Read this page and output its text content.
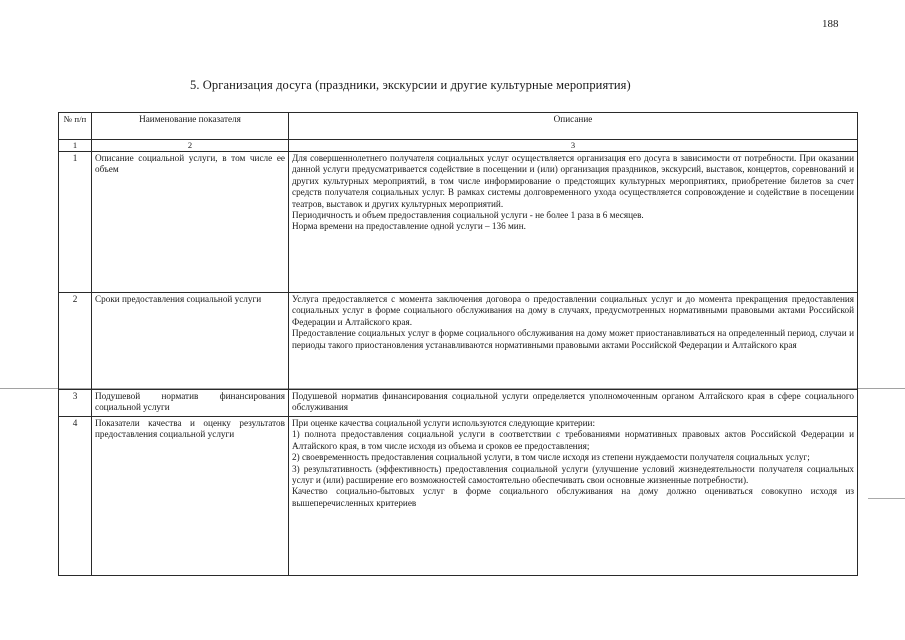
188
5. Организация досуга (праздники, экскурсии и другие культурные мероприятия)
№ п/п	Наименование показателя	Описание
1	2	3
1	Описание социальной услуги, в том числе ее объем	Для совершеннолетнего получателя социальных услуг осуществляется организация его досуга в зависимости от потребности. При оказании данной услуги предусматривается содействие в посещении и (или) организация праздников, экскурсий, выставок, концертов, соревнований и других культурных мероприятий, в том числе информирование о предстоящих культурных мероприятиях, приобретение билетов за счет средств получателя социальных услуг. В рамках системы долговременного ухода осуществляется сопровождение и содействие в посещении театров, выставок и других культурных мероприятий.

Периодичность и объем предоставления социальной услуги - не более 1 раза в 6 месяцев.

Норма времени на предоставление одной услуги – 136 мин.

2	Сроки предоставления социальной услуги	Услуга предоставляется с момента заключения договора о предоставлении социальных услуг и до момента прекращения предоставления социальных услуг в форме социального обслуживания на дому в случаях, предусмотренных нормативными правовыми актами Российской Федерации и Алтайского края.

Предоставление социальных услуг в форме социального обслуживания на дому может приостанавливаться на определенный период, случаи и периоды такого приостановления устанавливаются нормативными правовыми актами Российской Федерации и Алтайского края

3	Подушевой норматив финансирования социальной услуги	Подушевой норматив финансирования социальной услуги определяется уполномоченным органом Алтайского края в сфере социального обслуживания

4	Показатели качества и оценку результатов предоставления социальной услуги	При оценке качества социальной услуги используются следующие критерии:

1) полнота предоставления социальной услуги в соответствии с требованиями нормативных правовых актов Российской Федерации и Алтайского края, в том числе исходя из объема и сроков ее предоставления;

2) своевременность предоставления социальной услуги, в том числе исходя из степени нуждаемости получателя социальных услуг;

3) результативность (эффективность) предоставления социальной услуги (улучшение условий жизнедеятельности получателя социальных услуг и (или) расширение его возможностей самостоятельно обеспечивать свои основные жизненные потребности).

Качество социально-бытовых услуг в форме социального обслуживания на дому должно оцениваться совокупно исходя из вышеперечисленных критериев
